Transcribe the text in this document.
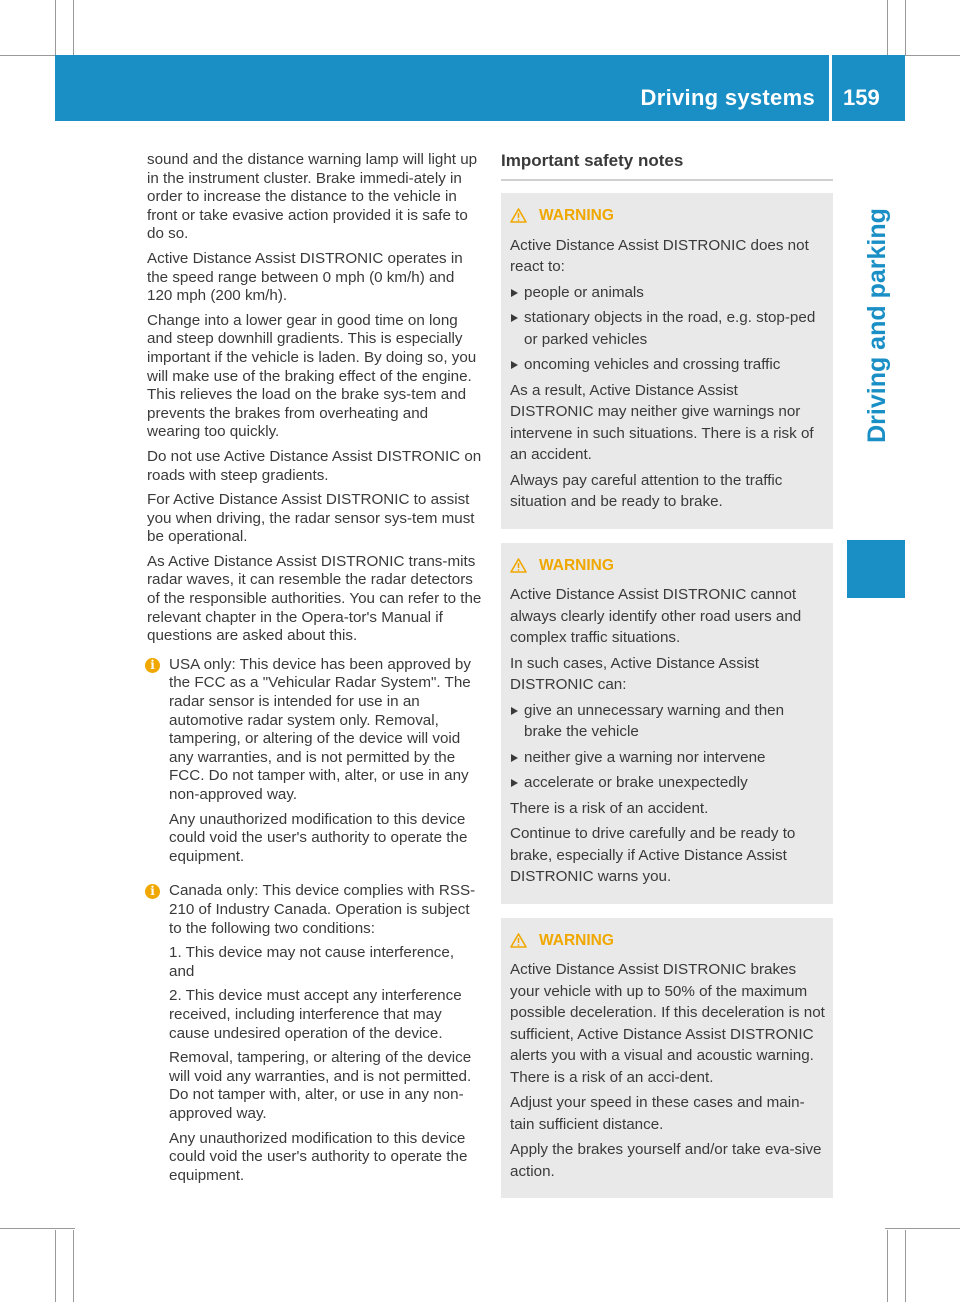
Driving systems 159
Driving and parking

sound and the distance warning lamp will light up in the instrument cluster. Brake immedi-ately in order to increase the distance to the vehicle in front or take evasive action provided it is safe to do so.

Active Distance Assist DISTRONIC operates in the speed range between 0 mph (0 km/h) and 120 mph (200 km/h).

Change into a lower gear in good time on long and steep downhill gradients. This is especially important if the vehicle is laden. By doing so, you will make use of the braking effect of the engine. This relieves the load on the brake sys-tem and prevents the brakes from overheating and wearing too quickly.

Do not use Active Distance Assist DISTRONIC on roads with steep gradients.

For Active Distance Assist DISTRONIC to assist you when driving, the radar sensor sys-tem must be operational.

As Active Distance Assist DISTRONIC trans-mits radar waves, it can resemble the radar detectors of the responsible authorities. You can refer to the relevant chapter in the Opera-tor's Manual if questions are asked about this.

i USA only: This device has been approved by the FCC as a "Vehicular Radar System". The radar sensor is intended for use in an automotive radar system only. Removal, tampering, or altering of the device will void any warranties, and is not permitted by the FCC. Do not tamper with, alter, or use in any non-approved way.

Any unauthorized modification to this device could void the user's authority to operate the equipment.

i Canada only: This device complies with RSS-210 of Industry Canada. Operation is subject to the following two conditions:

1. This device may not cause interference, and

2. This device must accept any interference received, including interference that may cause undesired operation of the device.

Removal, tampering, or altering of the device will void any warranties, and is not permitted. Do not tamper with, alter, or use in any non-approved way.

Any unauthorized modification to this device could void the user's authority to operate the equipment.

Important safety notes
WARNING

Active Distance Assist DISTRONIC does not react to:

people or animals
stationary objects in the road, e.g. stop-ped or parked vehicles
oncoming vehicles and crossing traffic

As a result, Active Distance Assist DISTRONIC may neither give warnings nor intervene in such situations. There is a risk of an accident.

Always pay careful attention to the traffic situation and be ready to brake.

WARNING

Active Distance Assist DISTRONIC cannot always clearly identify other road users and complex traffic situations.

In such cases, Active Distance Assist DISTRONIC can:

give an unnecessary warning and then brake the vehicle
neither give a warning nor intervene
accelerate or brake unexpectedly

There is a risk of an accident.

Continue to drive carefully and be ready to brake, especially if Active Distance Assist DISTRONIC warns you.

WARNING

Active Distance Assist DISTRONIC brakes your vehicle with up to 50% of the maximum possible deceleration. If this deceleration is not sufficient, Active Distance Assist DISTRONIC alerts you with a visual and acoustic warning. There is a risk of an acci-dent.

Adjust your speed in these cases and main-tain sufficient distance.

Apply the brakes yourself and/or take eva-sive action.
